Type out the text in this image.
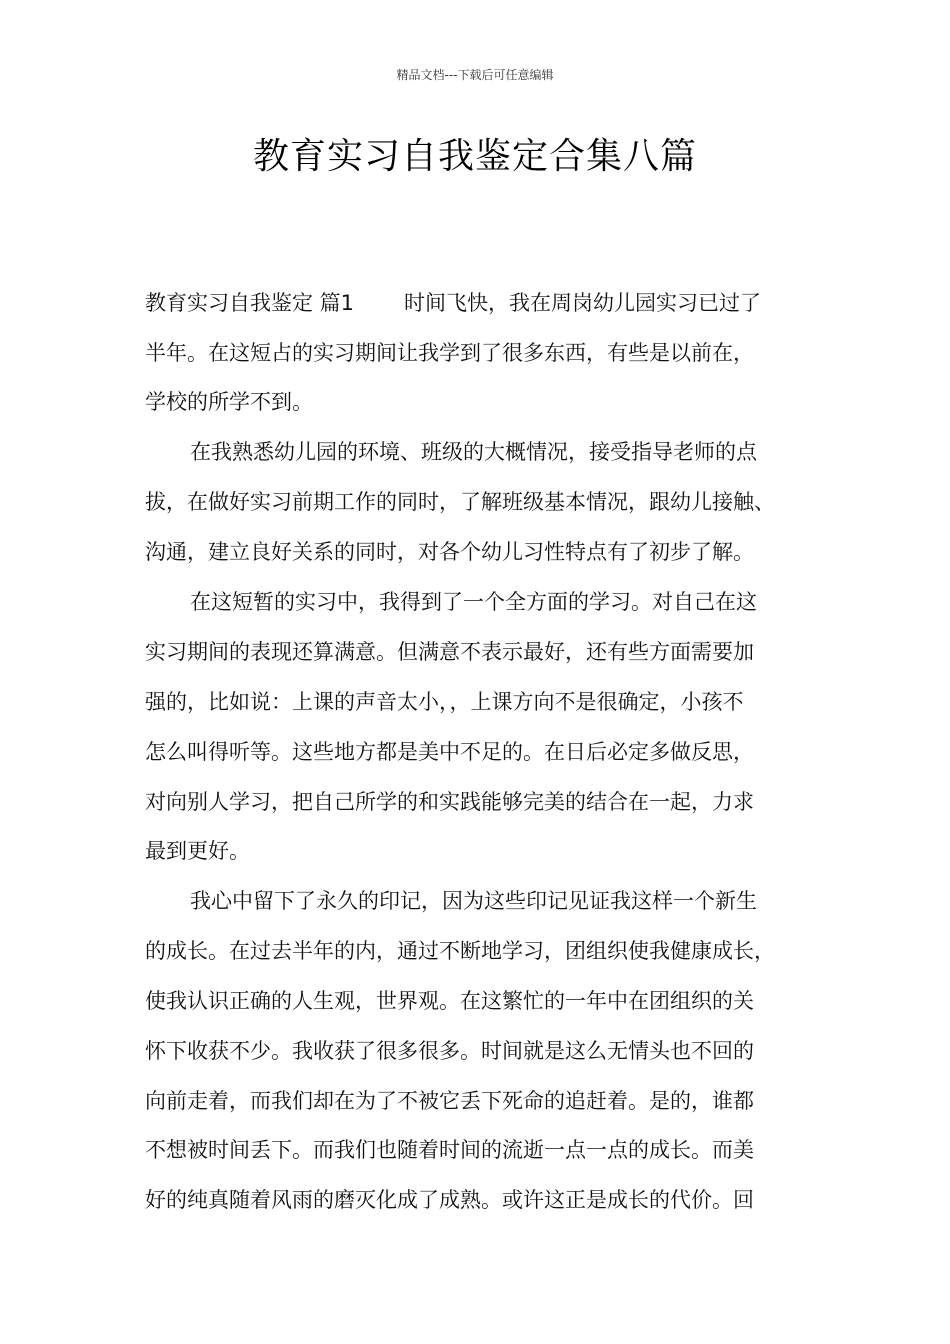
精品文档---下载后可任意编辑
教育实习自我鉴定合集八篇
教育实习自我鉴定 篇1 时间飞快，我在周岗幼儿园实习已过了
半年。在这短占的实习期间让我学到了很多东西，有些是以前在，
学校的所学不到。
在我熟悉幼儿园的环境、班级的大概情况，接受指导老师的点
拔，在做好实习前期工作的同时，了解班级基本情况，跟幼儿接触、
沟通，建立良好关系的同时，对各个幼儿习性特点有了初步了解。
在这短暂的实习中，我得到了一个全方面的学习。对自己在这
实习期间的表现还算满意。但满意不表示最好，还有些方面需要加
强的，比如说：上课的声音太小，，上课方向不是很确定，小孩不
怎么叫得听等。这些地方都是美中不足的。在日后必定多做反思，
对向别人学习，把自己所学的和实践能够完美的结合在一起，力求
最到更好。
我心中留下了永久的印记，因为这些印记见证我这样一个新生
的成长。在过去半年的内，通过不断地学习，团组织使我健康成长，
使我认识正确的人生观，世界观。在这繁忙的一年中在团组织的关
怀下收获不少。我收获了很多很多。时间就是这么无情头也不回的
向前走着，而我们却在为了不被它丢下死命的追赶着。是的，谁都
不想被时间丢下。而我们也随着时间的流逝一点一点的成长。而美
好的纯真随着风雨的磨灭化成了成熟。或许这正是成长的代价。回
